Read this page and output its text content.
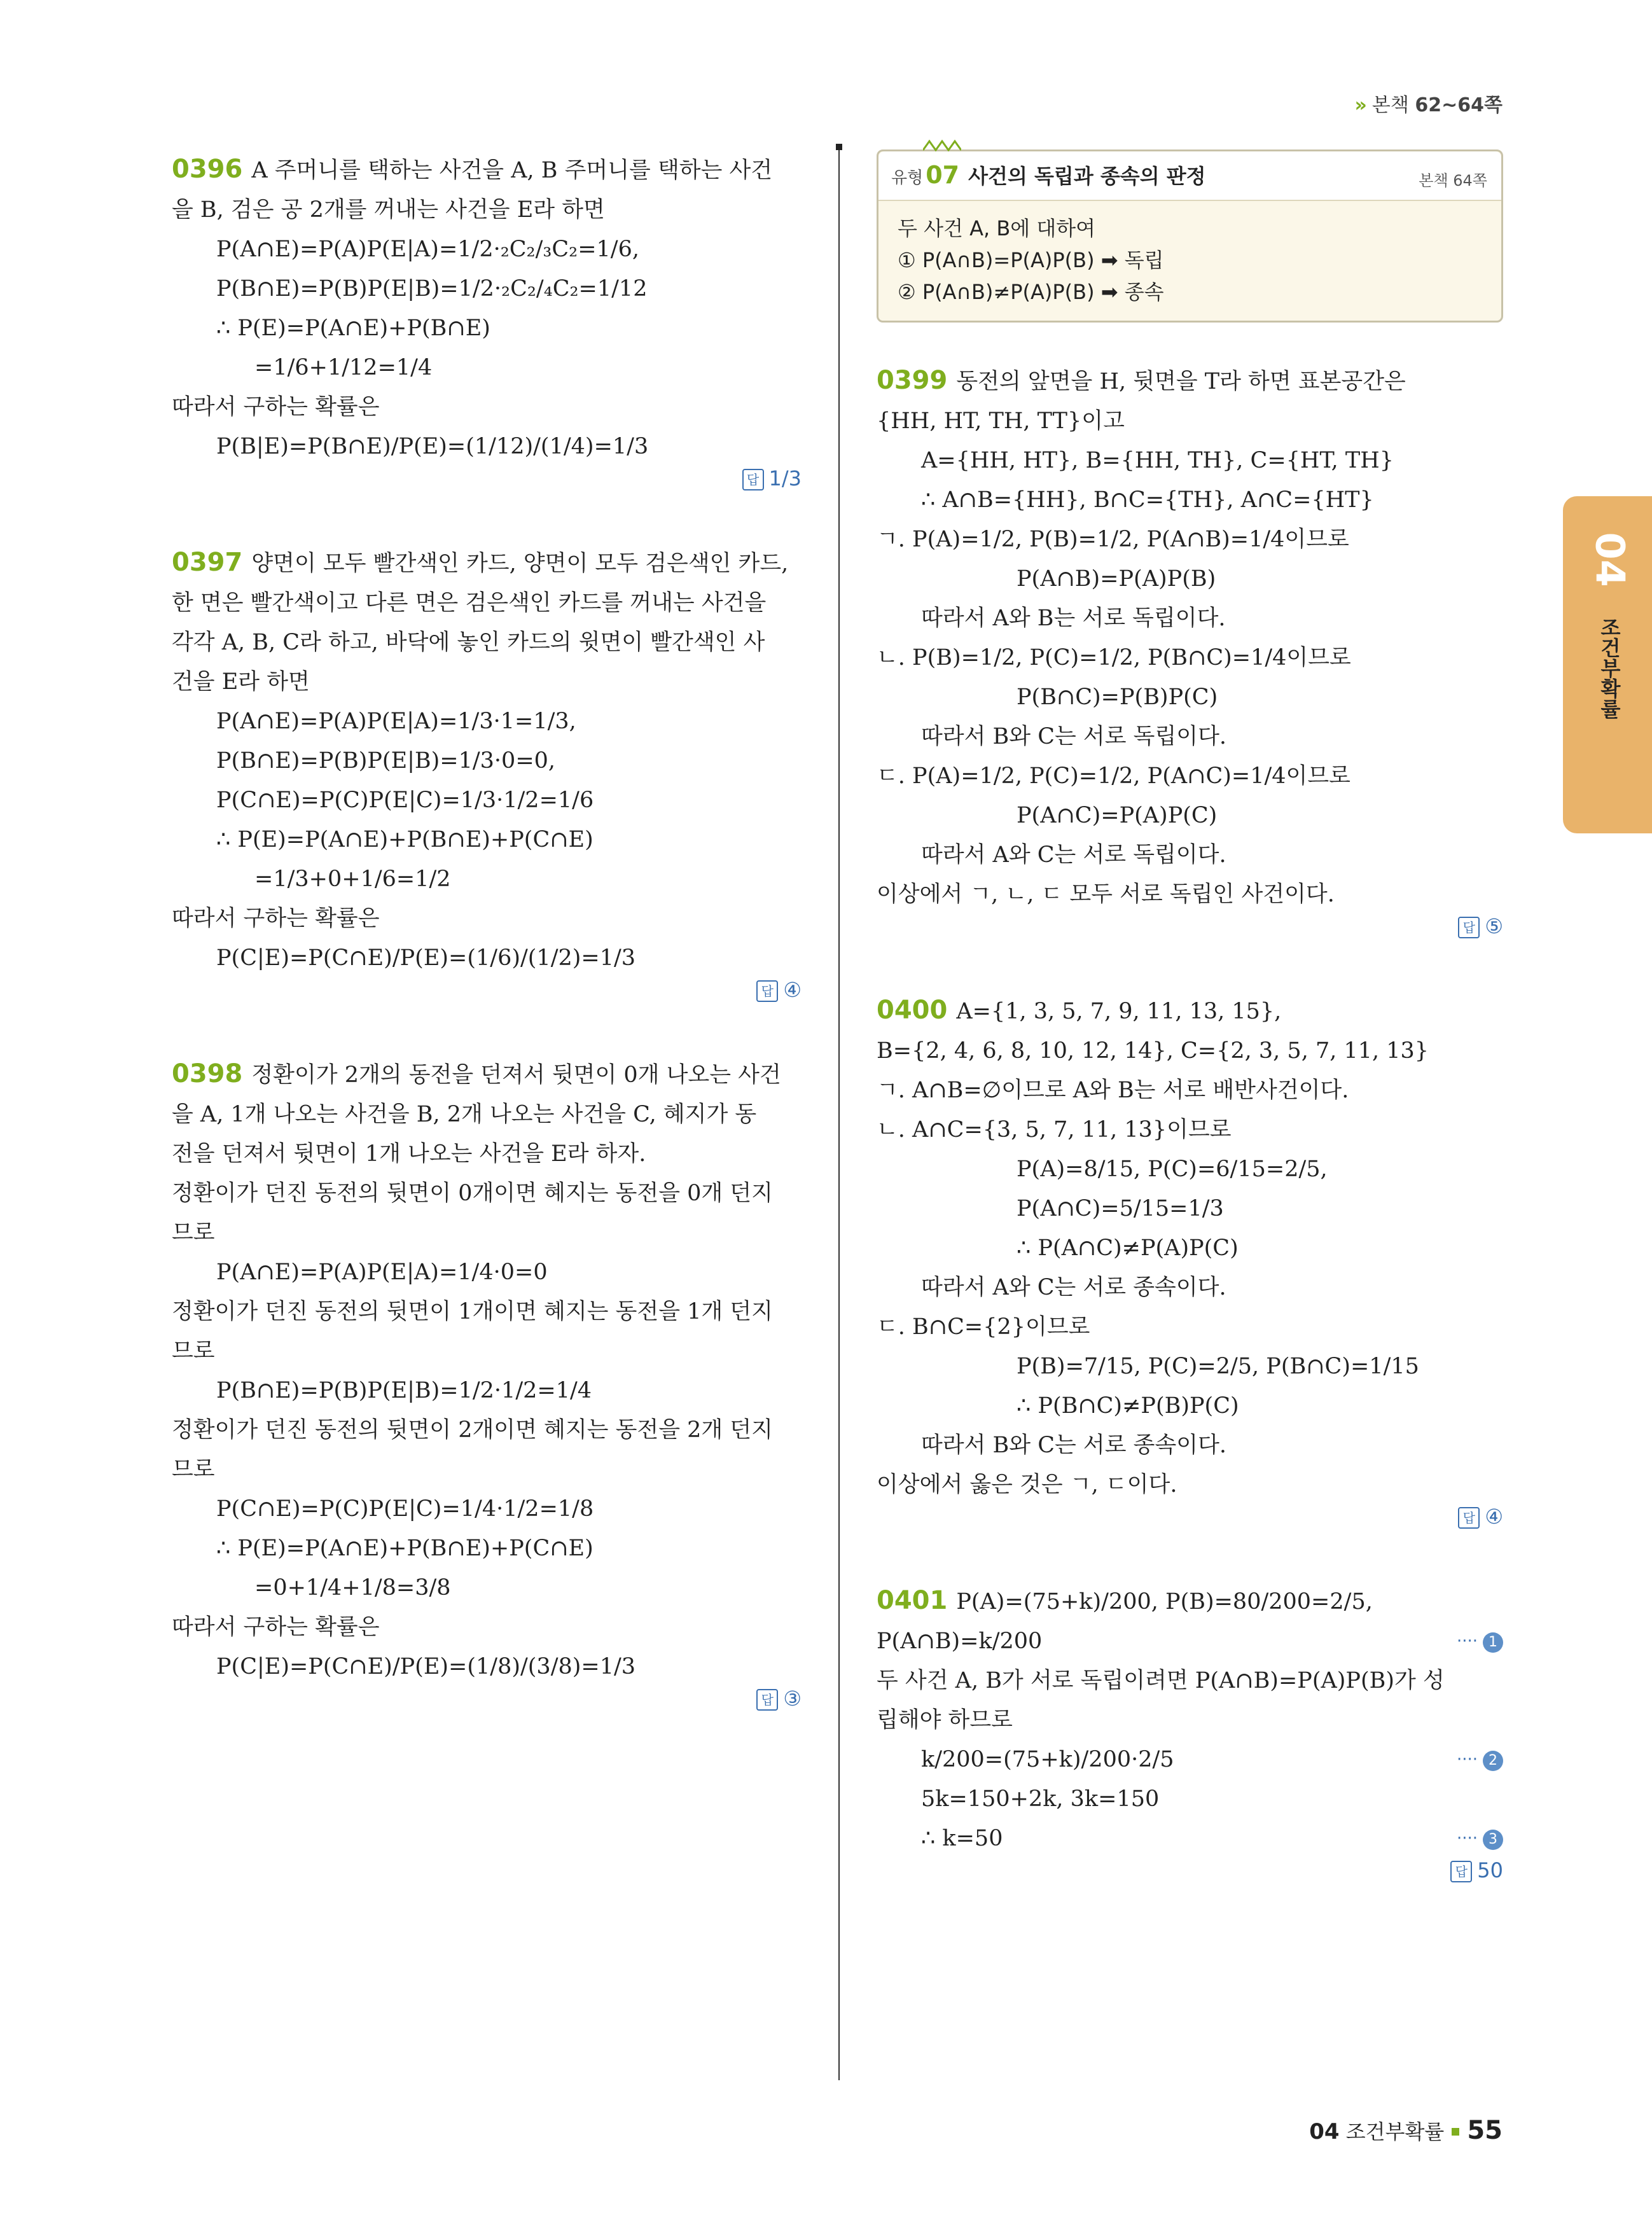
» 본책 62~64쪽
0396 A 주머니를 택하는 사건을 A, B 주머니를 택하는 사건
을 B, 검은 공 2개를 꺼내는 사건을 E라 하면
P(A∩E)=P(A)P(E|A)=1/2·₂C₂/₃C₂=1/6,
P(B∩E)=P(B)P(E|B)=1/2·₂C₂/₄C₂=1/12
∴ P(E)=P(A∩E)+P(B∩E)
=1/6+1/12=1/4
따라서 구하는 확률은
P(B|E)=P(B∩E)/P(E)=(1/12)/(1/4)=1/3
답 1/3
0397 양면이 모두 빨간색인 카드, 양면이 모두 검은색인 카드,
한 면은 빨간색이고 다른 면은 검은색인 카드를 꺼내는 사건을
각각 A, B, C라 하고, 바닥에 놓인 카드의 윗면이 빨간색인 사
건을 E라 하면
P(A∩E)=P(A)P(E|A)=1/3·1=1/3,
P(B∩E)=P(B)P(E|B)=1/3·0=0,
P(C∩E)=P(C)P(E|C)=1/3·1/2=1/6
∴ P(E)=P(A∩E)+P(B∩E)+P(C∩E)
=1/3+0+1/6=1/2
따라서 구하는 확률은
P(C|E)=P(C∩E)/P(E)=(1/6)/(1/2)=1/3
답 ④
0398 정환이가 2개의 동전을 던져서 뒷면이 0개 나오는 사건
을 A, 1개 나오는 사건을 B, 2개 나오는 사건을 C, 혜지가 동
전을 던져서 뒷면이 1개 나오는 사건을 E라 하자.
정환이가 던진 동전의 뒷면이 0개이면 혜지는 동전을 0개 던지
므로
P(A∩E)=P(A)P(E|A)=1/4·0=0
정환이가 던진 동전의 뒷면이 1개이면 혜지는 동전을 1개 던지
므로
P(B∩E)=P(B)P(E|B)=1/2·1/2=1/4
정환이가 던진 동전의 뒷면이 2개이면 혜지는 동전을 2개 던지
므로
P(C∩E)=P(C)P(E|C)=1/4·1/2=1/8
∴ P(E)=P(A∩E)+P(B∩E)+P(C∩E)
=0+1/4+1/8=3/8
따라서 구하는 확률은
P(C|E)=P(C∩E)/P(E)=(1/8)/(3/8)=1/3
답 ③
유형 07 사건의 독립과 종속의 판정	본책 64쪽
두 사건 A, B에 대하여
① P(A∩B)=P(A)P(B) ➡ 독립
② P(A∩B)≠P(A)P(B) ➡ 종속
0399 동전의 앞면을 H, 뒷면을 T라 하면 표본공간은
{HH, HT, TH, TT}이고
A={HH, HT}, B={HH, TH}, C={HT, TH}
∴ A∩B={HH}, B∩C={TH}, A∩C={HT}
ㄱ. P(A)=1/2, P(B)=1/2, P(A∩B)=1/4이므로
P(A∩B)=P(A)P(B)
따라서 A와 B는 서로 독립이다.
ㄴ. P(B)=1/2, P(C)=1/2, P(B∩C)=1/4이므로
P(B∩C)=P(B)P(C)
따라서 B와 C는 서로 독립이다.
ㄷ. P(A)=1/2, P(C)=1/2, P(A∩C)=1/4이므로
P(A∩C)=P(A)P(C)
따라서 A와 C는 서로 독립이다.
이상에서 ㄱ, ㄴ, ㄷ 모두 서로 독립인 사건이다.
답 ⑤
0400 A={1, 3, 5, 7, 9, 11, 13, 15},
B={2, 4, 6, 8, 10, 12, 14}, C={2, 3, 5, 7, 11, 13}
ㄱ. A∩B=∅이므로 A와 B는 서로 배반사건이다.
ㄴ. A∩C={3, 5, 7, 11, 13}이므로
P(A)=8/15, P(C)=6/15=2/5,
P(A∩C)=5/15=1/3
∴ P(A∩C)≠P(A)P(C)
따라서 A와 C는 서로 종속이다.
ㄷ. B∩C={2}이므로
P(B)=7/15, P(C)=2/5, P(B∩C)=1/15
∴ P(B∩C)≠P(B)P(C)
따라서 B와 C는 서로 종속이다.
이상에서 옳은 것은 ㄱ, ㄷ이다.
답 ④
0401 P(A)=(75+k)/200, P(B)=80/200=2/5,
P(A∩B)=k/200	···· 1
두 사건 A, B가 서로 독립이려면 P(A∩B)=P(A)P(B)가 성
립해야 하므로
k/200=(75+k)/200·2/5	···· 2
5k=150+2k, 3k=150
∴ k=50	···· 3
답 50
04
조건부확률
04 조건부확률 55
